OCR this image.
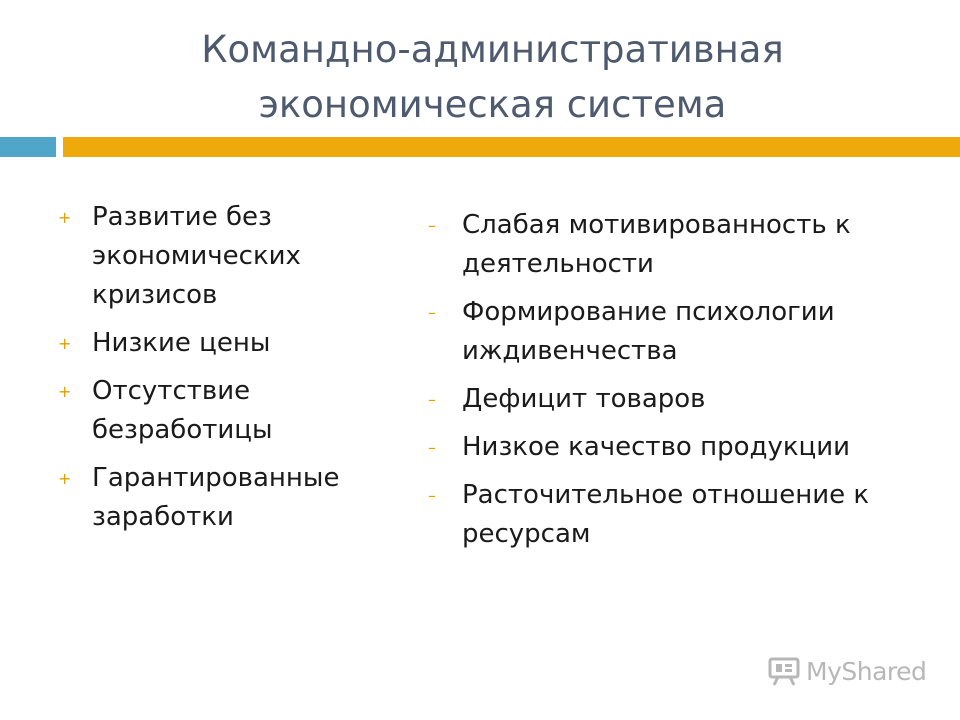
Командно-административная
экономическая система
+ Развитие без экономических кризисов
+ Низкие цены
+ Отсутствие безработицы
+ Гарантированные заработки
– Слабая мотивированность к деятельности
– Формирование психологии иждивенчества
– Дефицит товаров
– Низкое качество продукции
– Расточительное отношение к ресурсам
MyShared
